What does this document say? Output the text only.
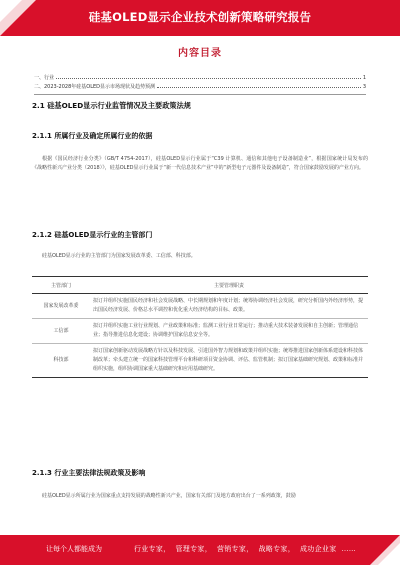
硅基OLED显示企业技术创新策略研究报告
内容目录
一、行业	1
二、2023-2028年硅基OLED显示市场现状及趋势预测	3
2.1 硅基OLED显示行业监管情况及主要政策法规
2.1.1 所属行业及确定所属行业的依据
根据《国民经济行业分类》（GB/T 4754-2017），硅基OLED显示行业属于“C39 计算机、通信和其他电子设备制造业”，根据国家统计局发布的《战略性新兴产业分类（2018）》，硅基OLED显示行业属于“新一代信息技术产业”中的“新型电子元器件及设备制造”，符合国家鼓励发展的产业方向。
2.1.2 硅基OLED显示行业的主管部门
硅基OLED显示行业的主管部门为国家发展改革委、工信部、科技部。
主管部门	主要管理职责
国家发展改革委	拟订并组织实施国民经济和社会发展战略、中长期规划和年度计划；统筹协调经济社会发展，研究分析国内外经济形势，提出国民经济发展、价格总水平调控和优化重大经济结构的目标、政策。
工信部	拟订并组织实施工业行业规划、产业政策和标准；监测工业行业日常运行；推动重大技术装备发展和自主创新；管理通信业；指导推进信息化建设；协调维护国家信息安全等。
科技部	拟订国家创新驱动发展战略方针以及科技发展、引进国外智力规划和政策并组织实施；统筹推进国家创新体系建设和科技体制改革；牵头建立统一的国家科技管理平台和科研项目资金协调、评估、监管机制；拟订国家基础研究规划、政策和标准并组织实施，组织协调国家重大基础研究和应用基础研究。
2.1.3 行业主要法律法规政策及影响
硅基OLED显示所属行业为国家重点支持发展的战略性新兴产业，国家有关部门及地方政府出台了一系列政策，鼓励
让每个人都能成为	行业专家， 管理专家， 营销专家， 战略专家， 成功企业家 ……
